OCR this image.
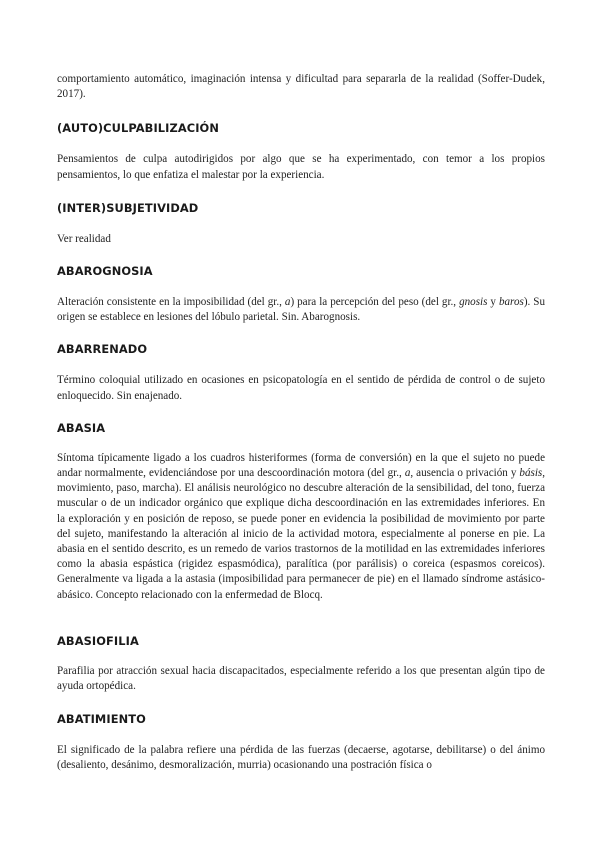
comportamiento automático, imaginación intensa y dificultad para separarla de la realidad (Soffer-Dudek, 2017).

(AUTO)CULPABILIZACIÓN

Pensamientos de culpa autodirigidos por algo que se ha experimentado, con temor a los propios pensamientos, lo que enfatiza el malestar por la experiencia.

(INTER)SUBJETIVIDAD

Ver realidad

ABAROGNOSIA

Alteración consistente en la imposibilidad (del gr., a) para la percepción del peso (del gr., gnosis y baros). Su origen se establece en lesiones del lóbulo parietal. Sin. Abarognosis.

ABARRENADO

Término coloquial utilizado en ocasiones en psicopatología en el sentido de pérdida de control o de sujeto enloquecido. Sin enajenado.

ABASIA

Síntoma típicamente ligado a los cuadros histeriformes (forma de conversión) en la que el sujeto no puede andar normalmente, evidenciándose por una descoordinación motora (del gr., a, ausencia o privación y básis, movimiento, paso, marcha). El análisis neurológico no descubre alteración de la sensibilidad, del tono, fuerza muscular o de un indicador orgánico que explique dicha descoordinación en las extremidades inferiores. En la exploración y en posición de reposo, se puede poner en evidencia la posibilidad de movimiento por parte del sujeto, manifestando la alteración al inicio de la actividad motora, especialmente al ponerse en pie. La abasia en el sentido descrito, es un remedo de varios trastornos de la motilidad en las extremidades inferiores como la abasia espástica (rigidez espasmódica), paralítica (por parálisis) o coreica (espasmos coreicos). Generalmente va ligada a la astasia (imposibilidad para permanecer de pie) en el llamado síndrome astásico-abásico. Concepto relacionado con la enfermedad de Blocq.

ABASIOFILIA

Parafilia por atracción sexual hacia discapacitados, especialmente referido a los que presentan algún tipo de ayuda ortopédica.

ABATIMIENTO

El significado de la palabra refiere una pérdida de las fuerzas (decaerse, agotarse, debilitarse) o del ánimo (desaliento, desánimo, desmoralización, murria) ocasionando una postración física o
